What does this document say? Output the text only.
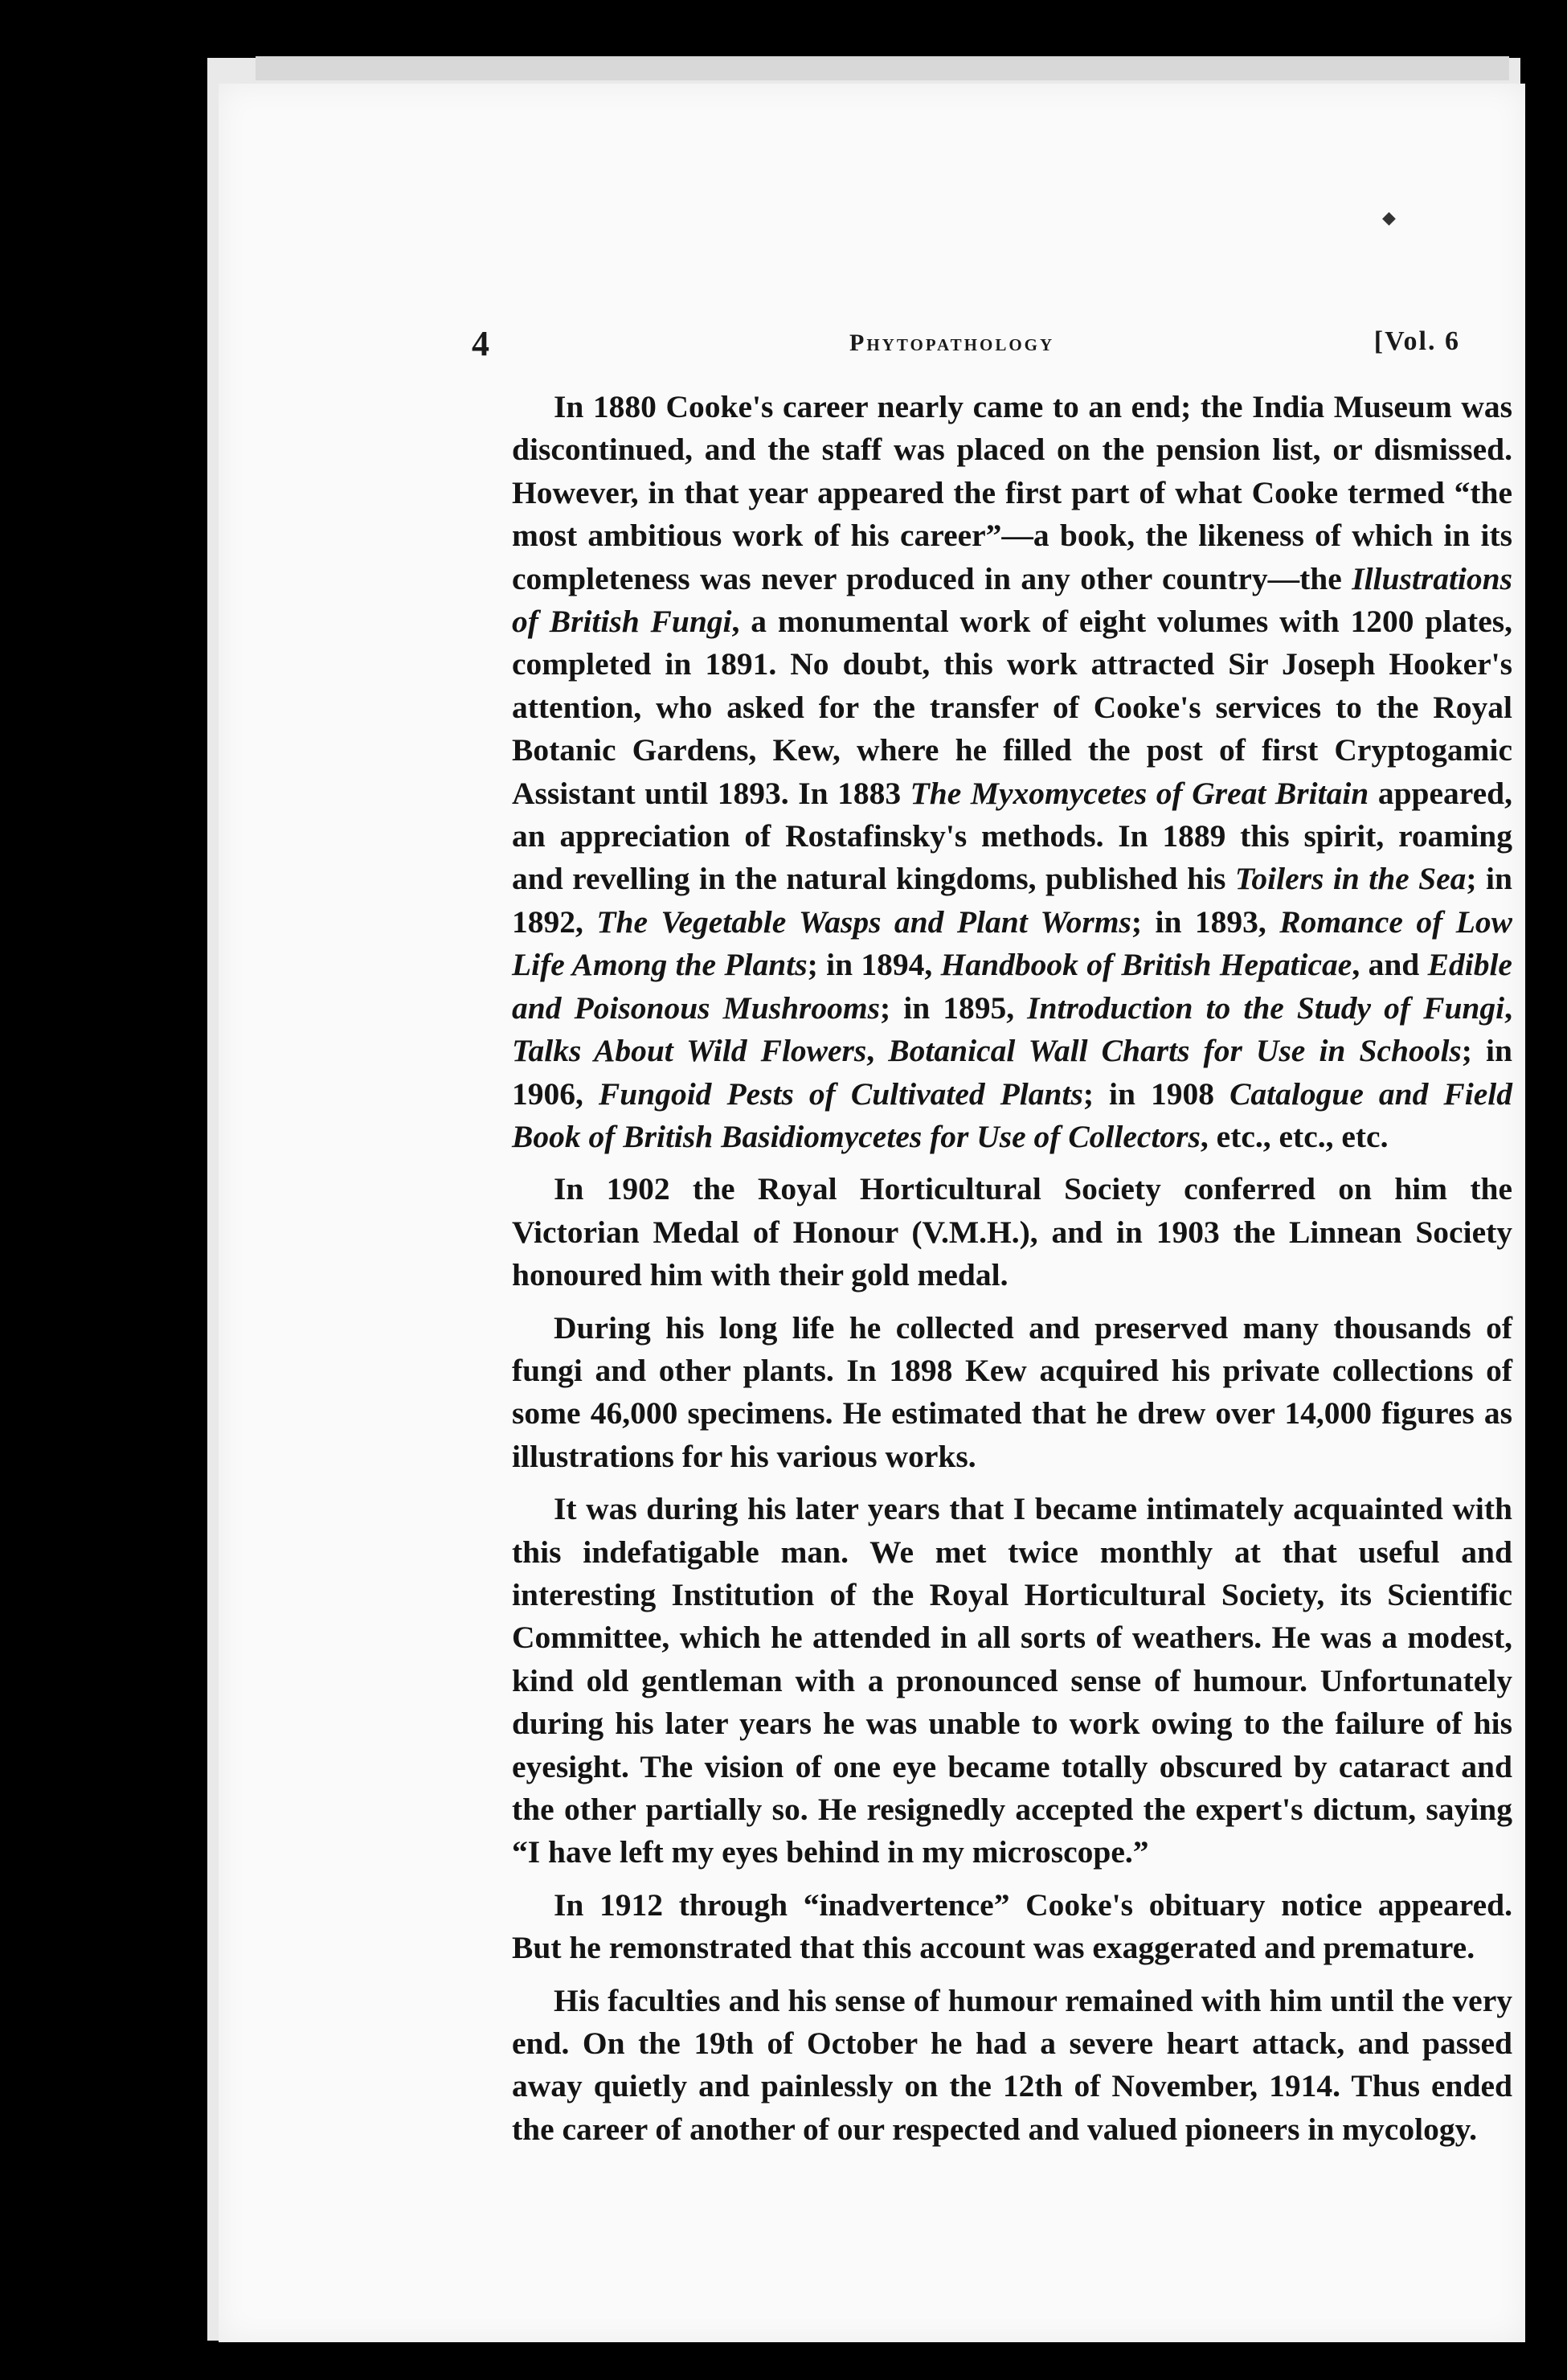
◆
4	Phytopathology	[Vol. 6

In 1880 Cooke's career nearly came to an end; the India Museum was discontinued, and the staff was placed on the pension list, or dismissed. However, in that year appeared the first part of what Cooke termed “the most ambitious work of his career”—a book, the likeness of which in its completeness was never produced in any other country—the Illustrations of British Fungi, a monumental work of eight volumes with 1200 plates, completed in 1891. No doubt, this work attracted Sir Joseph Hooker's attention, who asked for the transfer of Cooke's services to the Royal Botanic Gardens, Kew, where he filled the post of first Cryptogamic Assistant until 1893. In 1883 The Myxomycetes of Great Britain appeared, an appreciation of Rostafinsky's methods. In 1889 this spirit, roaming and revelling in the natural kingdoms, published his Toilers in the Sea; in 1892, The Vegetable Wasps and Plant Worms; in 1893, Romance of Low Life Among the Plants; in 1894, Handbook of British Hepaticae, and Edible and Poisonous Mushrooms; in 1895, Introduction to the Study of Fungi, Talks About Wild Flowers, Botanical Wall Charts for Use in Schools; in 1906, Fungoid Pests of Cultivated Plants; in 1908 Catalogue and Field Book of British Basidiomycetes for Use of Collectors, etc., etc., etc.

In 1902 the Royal Horticultural Society conferred on him the Victorian Medal of Honour (V.M.H.), and in 1903 the Linnean Society honoured him with their gold medal.

During his long life he collected and preserved many thousands of fungi and other plants. In 1898 Kew acquired his private collections of some 46,000 specimens. He estimated that he drew over 14,000 figures as illustrations for his various works.

It was during his later years that I became intimately acquainted with this indefatigable man. We met twice monthly at that useful and interesting Institution of the Royal Horticultural Society, its Scientific Committee, which he attended in all sorts of weathers. He was a modest, kind old gentleman with a pronounced sense of humour. Unfortunately during his later years he was unable to work owing to the failure of his eyesight. The vision of one eye became totally obscured by cataract and the other partially so. He resignedly accepted the expert's dictum, saying “I have left my eyes behind in my microscope.”

In 1912 through “inadvertence” Cooke's obituary notice appeared. But he remonstrated that this account was exaggerated and premature.

His faculties and his sense of humour remained with him until the very end. On the 19th of October he had a severe heart attack, and passed away quietly and painlessly on the 12th of November, 1914. Thus ended the career of another of our respected and valued pioneers in mycology.
